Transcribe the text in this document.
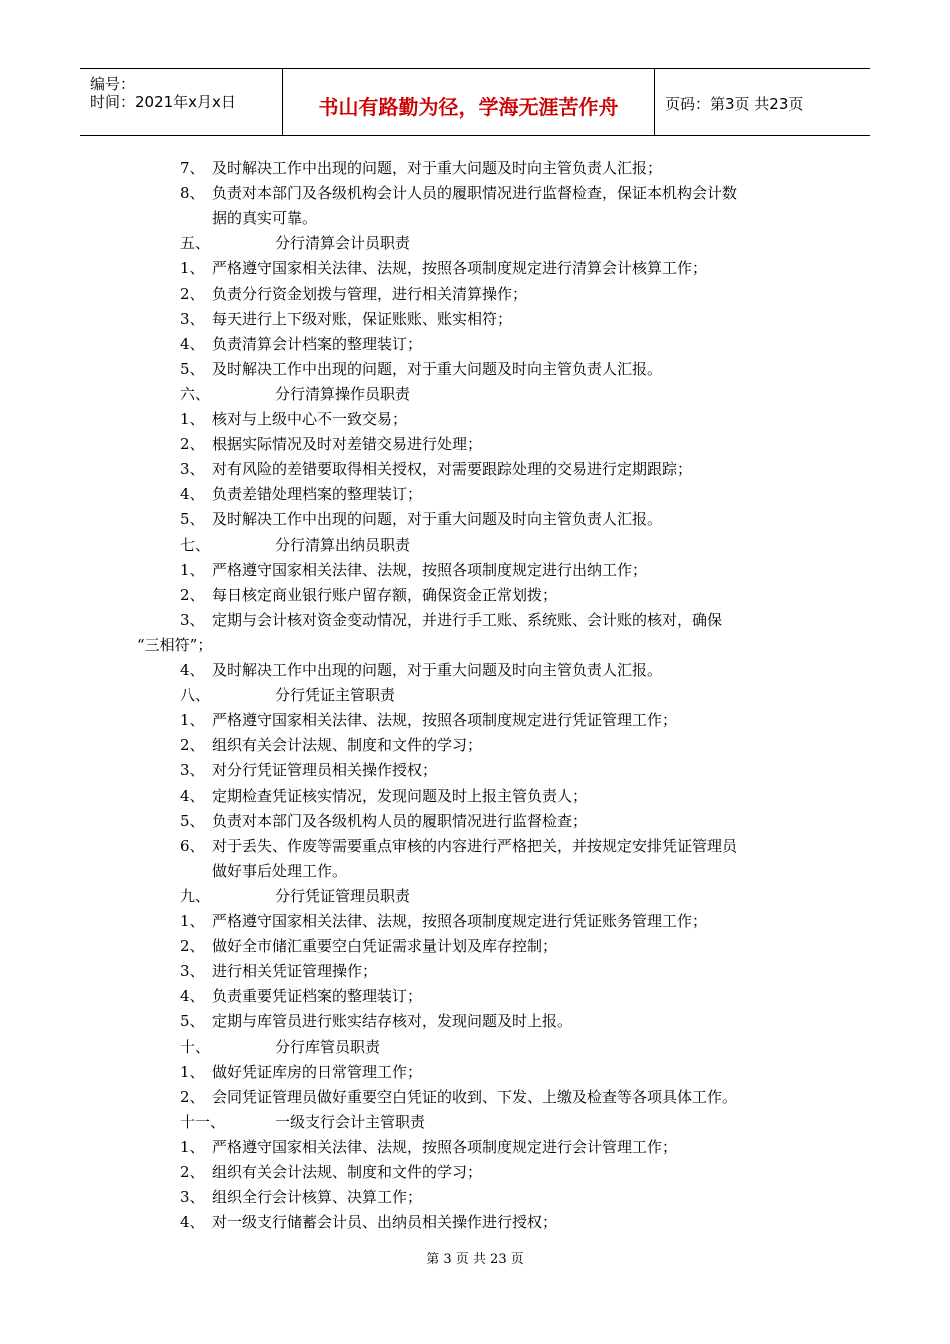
编号：
时间：2021年x月x日	书山有路勤为径，学海无涯苦作舟	页码：第3页 共23页
7、 及时解决工作中出现的问题，对于重大问题及时向主管负责人汇报；
8、 负责对本部门及各级机构会计人员的履职情况进行监督检查，保证本机构会计数
据的真实可靠。
五、	分行清算会计员职责
1、 严格遵守国家相关法律、法规，按照各项制度规定进行清算会计核算工作；
2、 负责分行资金划拨与管理，进行相关清算操作；
3、 每天进行上下级对账，保证账账、账实相符；
4、 负责清算会计档案的整理装订；
5、 及时解决工作中出现的问题，对于重大问题及时向主管负责人汇报。
六、	分行清算操作员职责
1、 核对与上级中心不一致交易；
2、 根据实际情况及时对差错交易进行处理；
3、 对有风险的差错要取得相关授权，对需要跟踪处理的交易进行定期跟踪；
4、 负责差错处理档案的整理装订；
5、 及时解决工作中出现的问题，对于重大问题及时向主管负责人汇报。
七、	分行清算出纳员职责
1、 严格遵守国家相关法律、法规，按照各项制度规定进行出纳工作；
2、 每日核定商业银行账户留存额，确保资金正常划拨；
3、 定期与会计核对资金变动情况，并进行手工账、系统账、会计账的核对，确保
“三相符”；
4、 及时解决工作中出现的问题，对于重大问题及时向主管负责人汇报。
八、	分行凭证主管职责
1、 严格遵守国家相关法律、法规，按照各项制度规定进行凭证管理工作；
2、 组织有关会计法规、制度和文件的学习；
3、 对分行凭证管理员相关操作授权；
4、 定期检查凭证核实情况，发现问题及时上报主管负责人；
5、 负责对本部门及各级机构人员的履职情况进行监督检查；
6、 对于丢失、作废等需要重点审核的内容进行严格把关，并按规定安排凭证管理员
做好事后处理工作。
九、	分行凭证管理员职责
1、 严格遵守国家相关法律、法规，按照各项制度规定进行凭证账务管理工作；
2、 做好全市储汇重要空白凭证需求量计划及库存控制；
3、 进行相关凭证管理操作；
4、 负责重要凭证档案的整理装订；
5、 定期与库管员进行账实结存核对，发现问题及时上报。
十、	分行库管员职责
1、 做好凭证库房的日常管理工作；
2、 会同凭证管理员做好重要空白凭证的收到、下发、上缴及检查等各项具体工作。
十一、	一级支行会计主管职责
1、 严格遵守国家相关法律、法规，按照各项制度规定进行会计管理工作；
2、 组织有关会计法规、制度和文件的学习；
3、 组织全行会计核算、决算工作；
4、 对一级支行储蓄会计员、出纳员相关操作进行授权；
第 3 页 共 23 页
